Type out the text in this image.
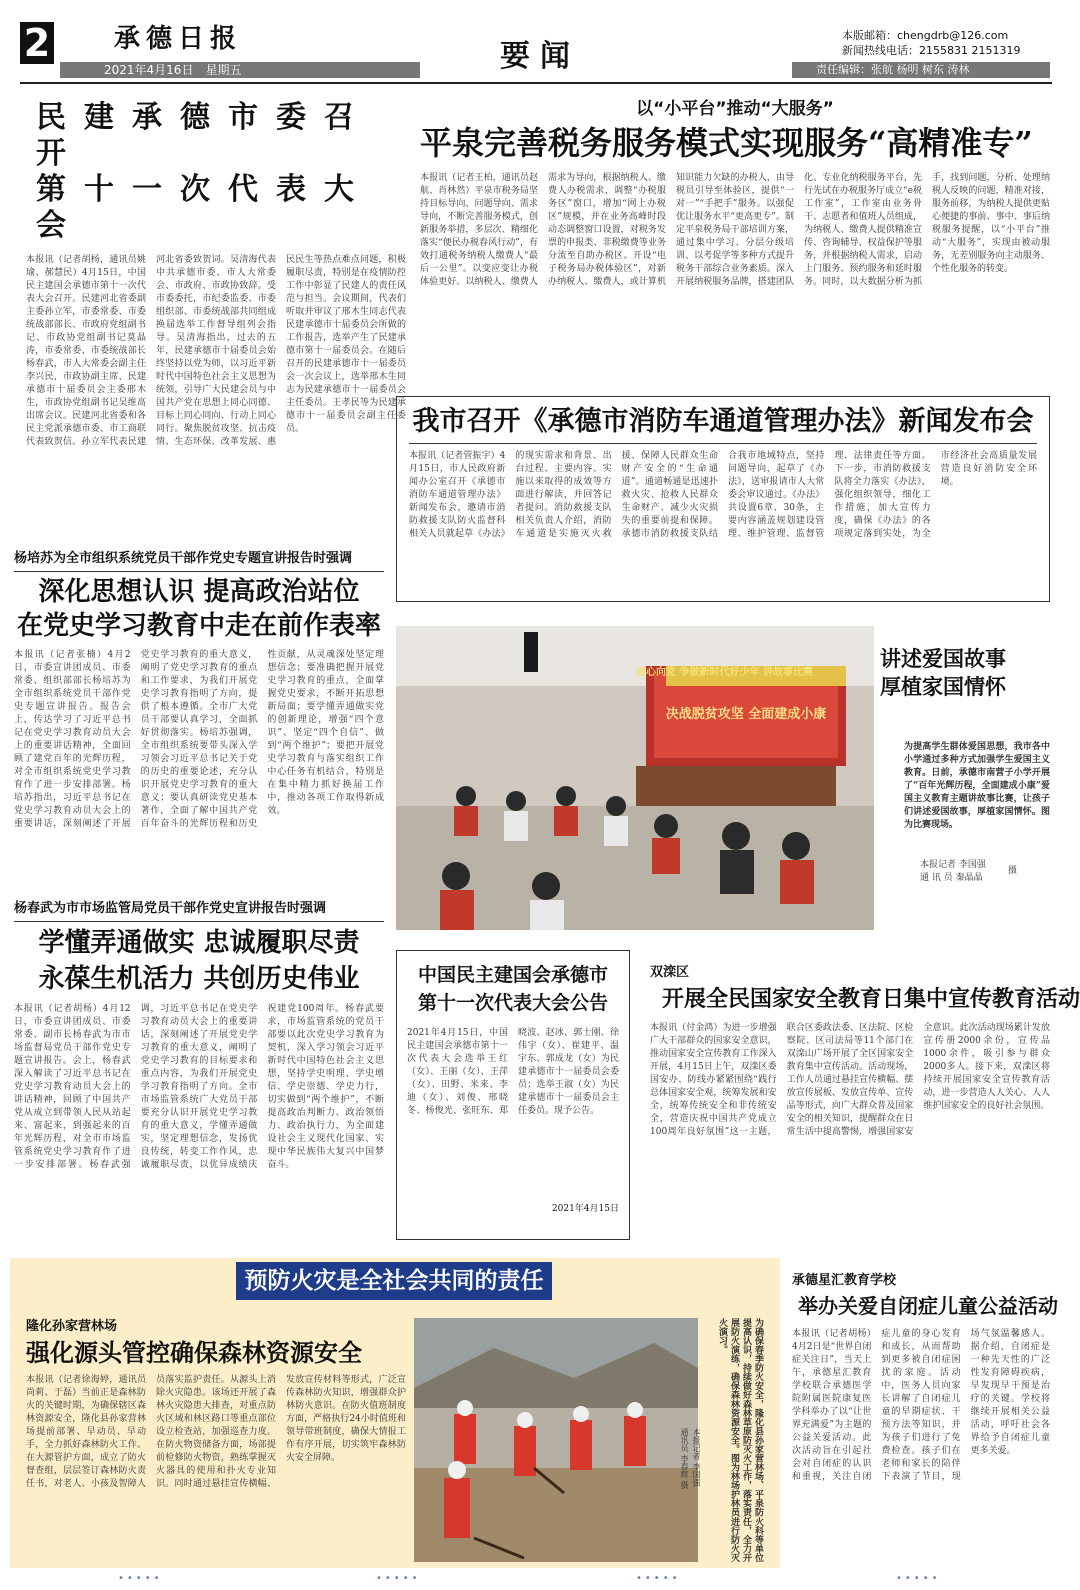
2 承德日报
2021年4月16日　星期五	要闻
本版邮箱：chengdrb@126.com
新闻热线电话：2155831 2151319
责任编辑：张航 杨明 树东 涛林
民建承德市委召开
第十一次代表大会
本报讯（记者胡杨，通讯员姚瑜、郝慧民）4月15日，中国民主建国会承德市第十一次代表大会召开。民建河北省委副主委孙立军，市委常委、市委统战部部长、市政府党组副书记、市政协党组副书记莫晶涛，市委常委、市委统战部长杨春武，市人大常委会副主任李兴民，市政协副主席、民建承德市十届委员会主委邢木生，市政协党组副书记吴维高出席会议。民建河北省委和各民主党派承德市委、市工商联代表致贺信。孙立军代表民建河北省委致贺词。吴清海代表中共承德市委、市人大常委会、市政府、市政协致辞。受市委委托，市纪委监委、市委组织部、市委统战部共同组成换届选举工作督导组列会指导。吴清海指出，过去的五年，民建承德市十届委员会始终坚持以党为师，以习近平新时代中国特色社会主义思想为统领，引导广大民建会员与中国共产党在思想上同心同德、目标上同心同向、行动上同心同行。聚焦脱贫攻坚、抗击疫情、生态环保、改革发展、惠民民生等热点难点问题，积极履职尽责，特别是在疫情防控工作中彰显了民建人的责任风范与担当。会议期间，代表们听取并审议了邢木生同志代表民建承德市十届委员会所做的工作报告，选举产生了民建承德市第十一届委员会。在随后召开的民建承德市十一届委员会一次会议上，选举邢木生同志为民建承德市十一届委员会主任委员。王孝民等为民建承德市十一届委员会副主任委员。
以“小平台”推动“大服务”
平泉完善税务服务模式实现服务“高精准专”
本报讯（记者王柏，通讯员赵航、肖林然）平泉市税务局坚持目标导向、问题导向、需求导向，不断完善服务模式，创新服务举措，多层次、精细化落实“便民办税春风行动”，有效打通税务纳税人缴费人“最后一公里”。以变应变让办税体验更好。以纳税人、缴费人需求为导向，根据纳税人、缴费人办税需求，调整“办税服务区”窗口，增加“网上办税区”规模，并在业务高峰时段动态调整窗口设置，对税务发票的申报类、非税缴费等业务分流至自助办税区。开设“电子税务局办税体验区”，对新办纳税人、缴费人，或计算机知识能力欠缺的办税人，由导税员引导至体验区，提供“一对一”“手把手”服务。以强促优让服务水平“更高更专”。制定平泉税务局干部培训方案，通过集中学习、分层分级培训、以考促学等多种方式提升税务干部综合业务素质。深入开展纳税服务品牌，搭建团队化、专业化纳税服务平台，先行先试在办税服务厅成立“e税工作室”，工作室由业务骨干、志愿者和值班人员组成，为纳税人、缴费人提供精准宣传、咨询辅导、权益保护等服务，并根据纳税人需求，启动上门服务、预约服务和延时服务。同时，以大数据分析为抓手，找到问题，分析、处理纳税人反映的问题，精准对接，服务前移，为纳税人提供更贴心便捷的事前、事中、事后纳税服务提醒，以“小平台”推动“大服务”，实现由被动服务，无差别服务向主动服务、个性化服务的转变。
我市召开《承德市消防车通道管理办法》新闻发布会
本报讯（记者管振宇）4月15日，市人民政府新闻办公室召开《承德市消防车通道管理办法》新闻发布会，邀请市消防救援支队防火监督科相关人员就起草《办法》的现实需求和背景、出台过程、主要内容、实施以来取得的成效等方面进行解读，并回答记者提问。消防救援支队相关负责人介绍，消防车通道是实施灭火救援、保障人民群众生命财产安全的“生命通道”。通道畅通是迅速扑救火灾、抢救人民群众生命财产、减少火灾损失的重要前提和保障。承德市消防救援支队结合我市地域特点，坚持问题导向，起草了《办法》，送审报请市人大常委会审议通过。《办法》共设置6章、30条，主要内容涵盖规划建设管理、维护管理、监督管理、法律责任等方面。下一步，市消防救援支队将全力落实《办法》，强化组织领导，细化工作措施，加大宣传力度，确保《办法》的各项规定落到实处，为全市经济社会高质量发展营造良好消防安全环境。
杨培苏为全市组织系统党员干部作党史专题宣讲报告时强调
深化思想认识 提高政治站位
在党史学习教育中走在前作表率
本报讯（记者张楠）4月2日，市委宣讲团成员、市委常委、组织部部长杨培苏为全市组织系统党员干部作党史专题宣讲报告。报告会上，传达学习了习近平总书记在党史学习教育动员大会上的重要讲话精神，全面回顾了建党百年的光辉历程，对全市组织系统党史学习教育作了进一步安排部署。杨培苏指出，习近平总书记在党史学习教育动员大会上的重要讲话，深刻阐述了开展党史学习教育的重大意义，阐明了党史学习教育的重点和工作要求，为我们开展党史学习教育指明了方向，提供了根本遵循。全市广大党员干部要认真学习，全面抓好贯彻落实。杨培苏强调，全市组织系统要带头深入学习领会习近平总书记关于党的历史的重要论述，充分认识开展党史学习教育的重大意义；要认真研读党史基本著作，全面了解中国共产党百年奋斗的光辉历程和历史性贡献，从灵魂深处坚定理想信念；要准确把握开展党史学习教育的重点，全面掌握党史要求，不断开拓思想新局面；要学懂弄通做实党的创新理论，增强“四个意识”、坚定“四个自信”、做到“两个维护”；要把开展党史学习教育与落实组织工作中心任务有机结合，特别是在集中精力抓好换届工作中，推动各项工作取得新成效。
童心向党 争做新时代好少年 讲故事比赛
决战脱贫攻坚 全面建成小康
讲述爱国故事
厚植家国情怀
为提高学生群体爱国思想，我市各中小学通过多种方式加强学生爱国主义教育。日前，承德市南营子小学开展了“百年光辉历程，全面建成小康”爱国主义教育主题讲故事比赛，让孩子们讲述爱国故事，厚植家国情怀。图为比赛现场。
本报记者 李国强
通 讯 员 秦晶晶
摄
杨春武为市市场监管局党员干部作党史宣讲报告时强调
学懂弄通做实 忠诚履职尽责
永葆生机活力 共创历史伟业
本报讯（记者胡杨）4月12日，市委宣讲团成员、市委常委、副市长杨春武为市市场监督局党员干部作党史专题宣讲报告。会上，杨春武深入解读了习近平总书记在党史学习教育动员大会上的讲话精神，回顾了中国共产党从成立到带领人民从站起来、富起来，到强起来的百年光辉历程，对全市市场监管系统党史学习教育作了进一步安排部署。杨春武强调，习近平总书记在党史学习教育动员大会上的重要讲话，深刻阐述了开展党史学习教育的重大意义，阐明了党史学习教育的目标要求和重点内容，为我们开展党史学习教育指明了方向。全市市场监管系统广大党员干部要充分认识开展党史学习教育的重大意义，学懂弄通做实，坚定理想信念，发扬优良传统，转变工作作风，忠诚履职尽责，以优异成绩庆祝建党100周年。杨春武要求，市场监管系统的党员干部要以此次党史学习教育为契机，深入学习领会习近平新时代中国特色社会主义思想，坚持学史明理、学史增信、学史崇德、学史力行，切实做到“两个维护”，不断提高政治判断力、政治领悟力、政治执行力，为全面建设社会主义现代化国家、实现中华民族伟大复兴中国梦奋斗。
中国民主建国会承德市
第十一次代表大会公告
2021年4月15日，中国民主建国会承德市第十一次代表大会选举王红（女）、王丽（女）、王萍（女）、田野、米来、李迪（女）、刘俊、邢晓冬、杨俊光、张旺东、郑晓波、赵冰、郭士刚、徐伟宇（女）、崔建平、温宇东、郭成龙（女）为民建承德市十一届委员会委员；选举王淑（女）为民建承德市十一届委员会主任委员。现予公告。
2021年4月15日
双滦区
开展全民国家安全教育日集中宣传教育活动
本报讯（付金鸿）为进一步增强广大干部群众的国家安全意识，推动国家安全宣传教育工作深入开展，4月15日上午，双滦区委国安办、防线办紧紧围绕“践行总体国家安全观，统筹发展和安全，统筹传统安全和非传统安全，营造庆祝中国共产党成立100周年良好氛围”这一主题，联合区委政法委、区法院、区检察院、区司法局等11个部门在双滦山广场开展了全区国家安全教育集中宣传活动。活动现场，工作人员通过悬挂宣传横幅、摆放宣传展板、发放宣传单、宣传品等形式，向广大群众普及国家安全的相关知识，提醒群众在日常生活中提高警惕，增强国家安全意识。此次活动现场累计发放宣传册2000余份，宣传品1000余件，吸引参与群众2000多人。接下来，双滦区将持续开展国家安全宣传教育活动，进一步营造人人关心、人人维护国家安全的良好社会氛围。
预防火灾是全社会共同的责任
隆化孙家营林场
强化源头管控确保森林资源安全
本报讯（记者徐海婷，通讯员尚莉、于磊）当前正是森林防火的关键时期，为确保辖区森林资源安全，隆化县孙家营林场提前部署、早动员、早动手，全力抓好森林防火工作。在大源管护方面，成立了防火督查组，层层签订森林防火责任书，对老人、小孩及智障人员落实监护责任。从源头上消除火灾隐患。该场还开展了森林火灾隐患大排查，对重点防火区域和林区路口等重点部位设立检查站，加强巡查力度。在防火物资储备方面，场部提前检修防火物资，熟练掌握灭火器具的使用和扑火专业知识。同时通过悬挂宣传横幅、发放宣传材料等形式，广泛宣传森林防火知识，增强群众护林防火意识。在防火值班制度方面，严格执行24小时值班和领导带班制度，确保大情报工作有序开展，切实筑牢森林防火安全屏障。	为确保春季防火安全，隆化县孙家营林场、平泉防火科等单位提高认识，持续做好森林草原防灭火工作，落实责任，全力开展防火演练，确保森林资源安全。图为林场护林员进行防火灭火演习。
本报记者 李国强
通讯员 李春辉 摄
承德星汇教育学校
举办关爱自闭症儿童公益活动
本报讯（记者胡杨）4月2日是“世界自闭症关注日”，当天上午，承德星汇教育学校联合承德医学院附属医院康复医学科举办了以“让世界充满爱”为主题的公益关爱活动。此次活动旨在引起社会对自闭症的认识和重视，关注自闭症儿童的身心发育和成长，从而帮助到更多被自闭症困扰的家庭。活动中，医务人员向家长讲解了自闭症儿童的早期症状、干预方法等知识，并为孩子们进行了免费检查。孩子们在老师和家长的陪伴下表演了节目，现场气氛温馨感人。据介绍，自闭症是一种先天性的广泛性发育障碍疾病，早发现早干预是治疗的关键。学校将继续开展相关公益活动，呼吁社会各界给予自闭症儿童更多关爱。
•••••	•••••	•••••	•••••
